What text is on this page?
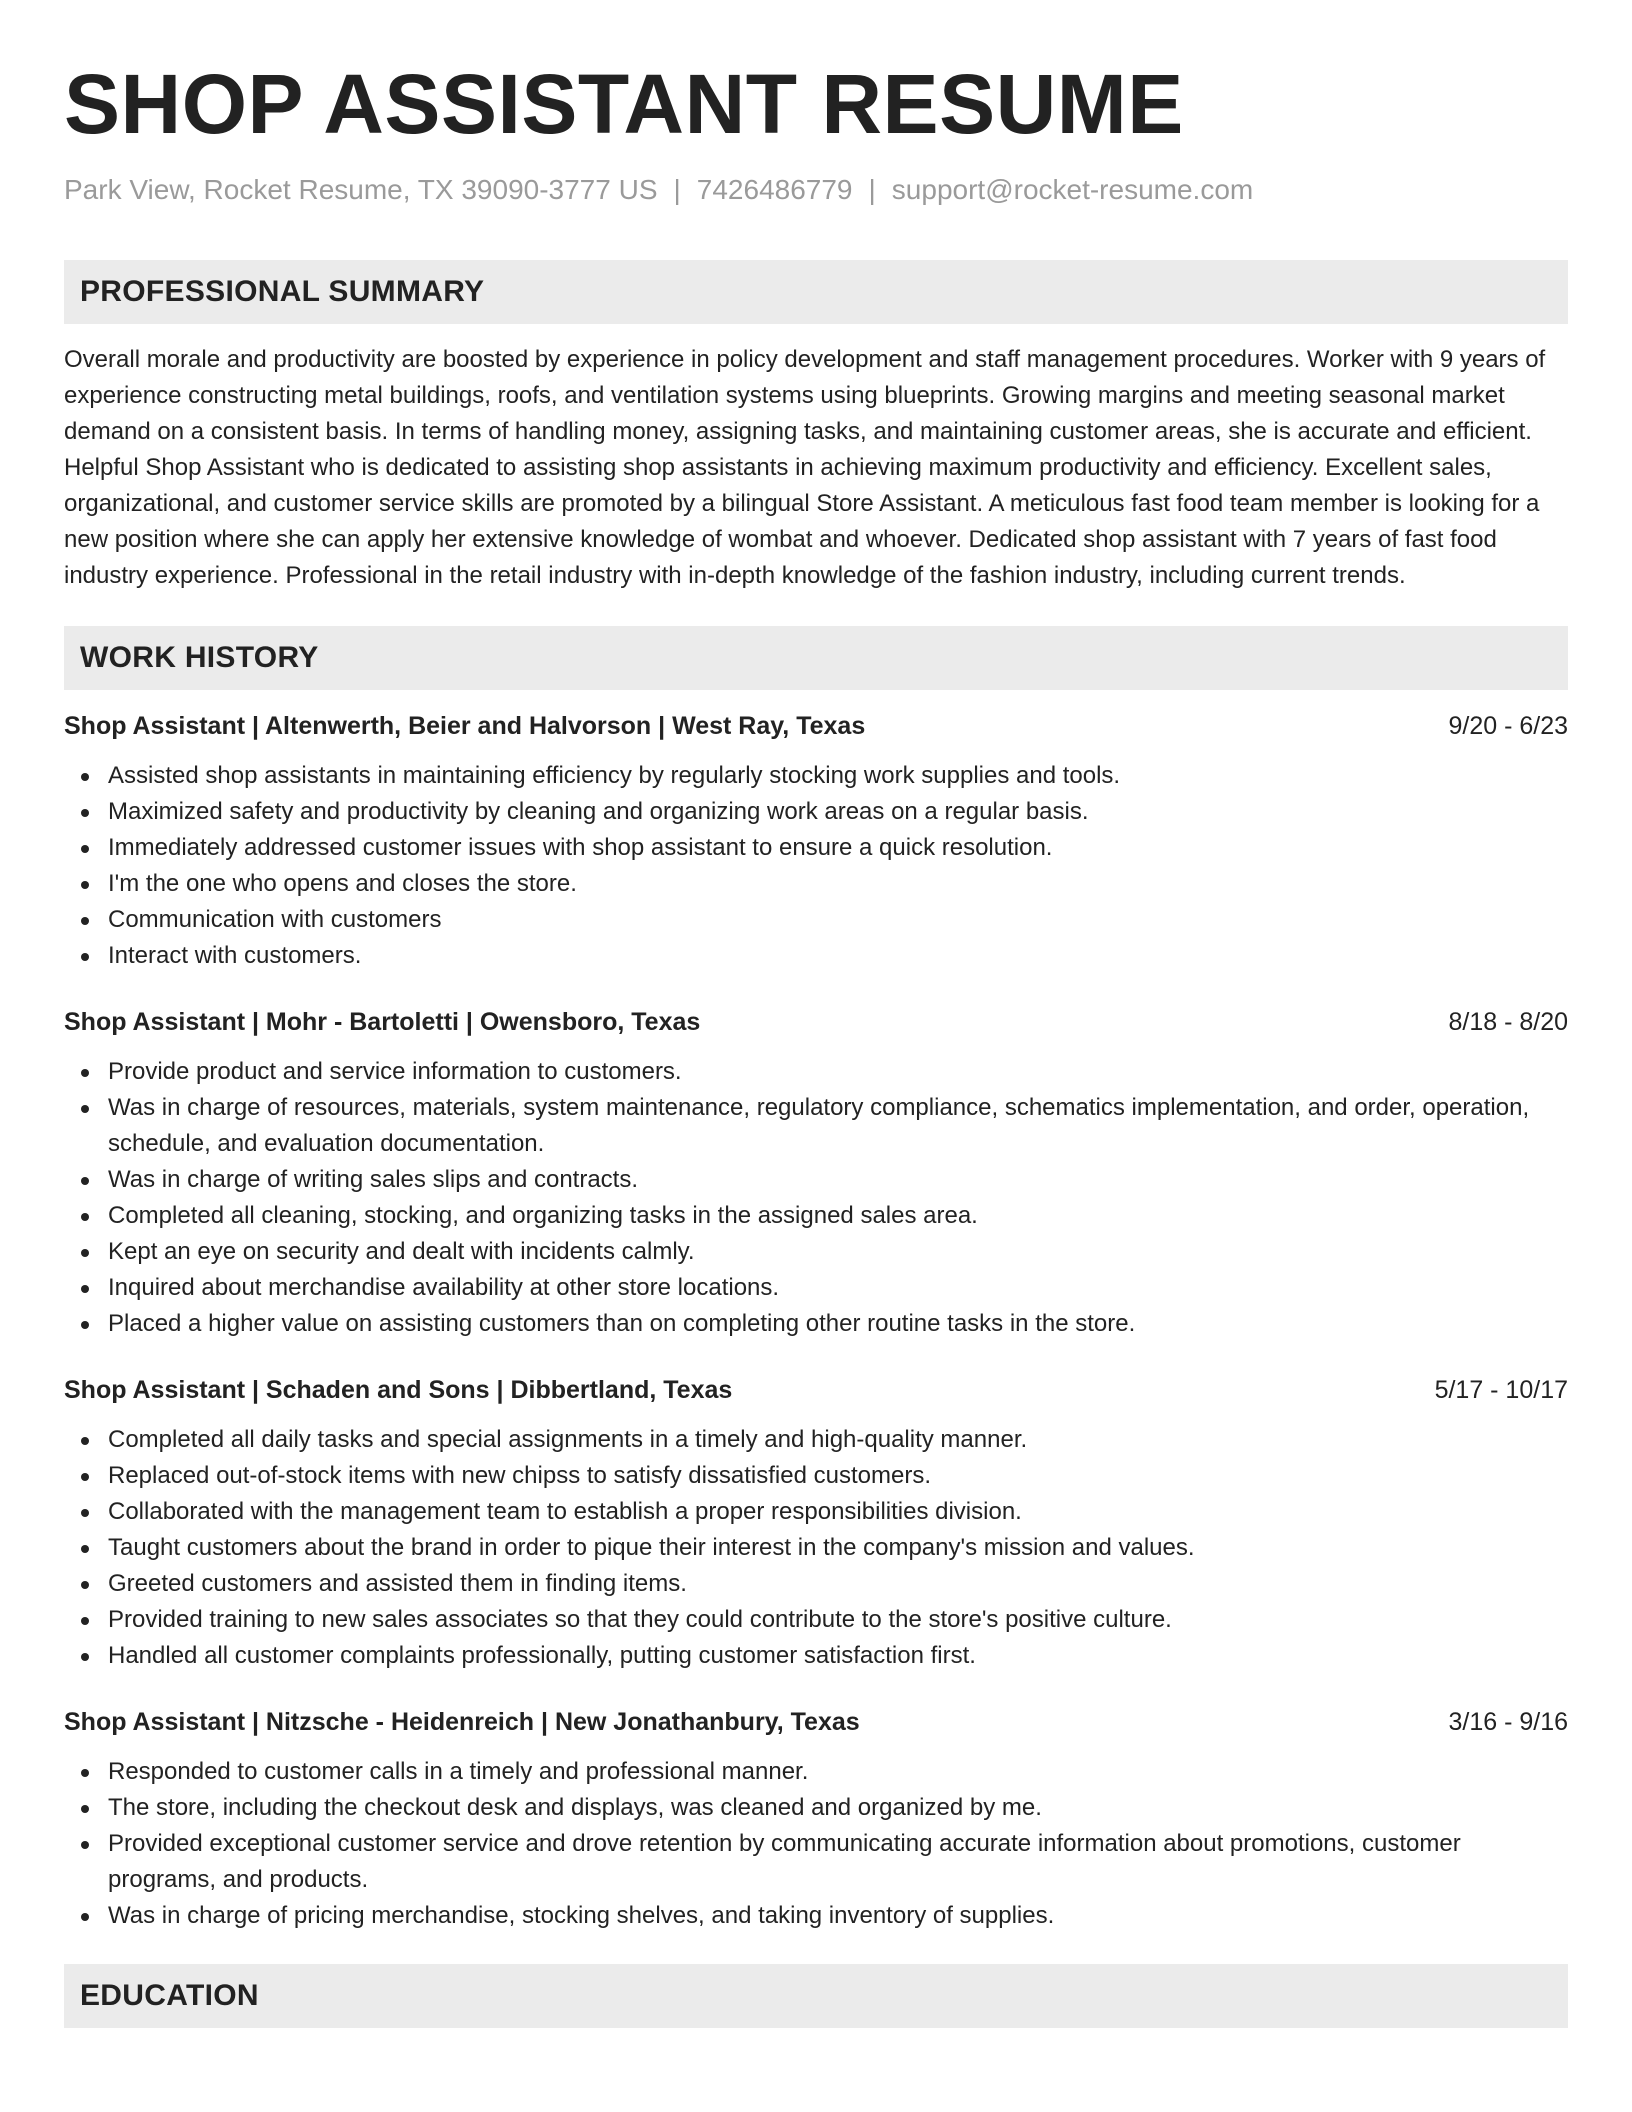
SHOP ASSISTANT RESUME
Park View, Rocket Resume, TX 39090-3777 US | 7426486779 | support@rocket-resume.com
PROFESSIONAL SUMMARY

Overall morale and productivity are boosted by experience in policy development and staff management procedures. Worker with 9 years of experience constructing metal buildings, roofs, and ventilation systems using blueprints. Growing margins and meeting seasonal market demand on a consistent basis. In terms of handling money, assigning tasks, and maintaining customer areas, she is accurate and efficient. Helpful Shop Assistant who is dedicated to assisting shop assistants in achieving maximum productivity and efficiency. Excellent sales, organizational, and customer service skills are promoted by a bilingual Store Assistant. A meticulous fast food team member is looking for a new position where she can apply her extensive knowledge of wombat and whoever. Dedicated shop assistant with 7 years of fast food industry experience. Professional in the retail industry with in-depth knowledge of the fashion industry, including current trends.

WORK HISTORY
Shop Assistant | Altenwerth, Beier and Halvorson | West Ray, Texas	9/20 - 6/23
Assisted shop assistants in maintaining efficiency by regularly stocking work supplies and tools.
Maximized safety and productivity by cleaning and organizing work areas on a regular basis.
Immediately addressed customer issues with shop assistant to ensure a quick resolution.
I'm the one who opens and closes the store.
Communication with customers
Interact with customers.
Shop Assistant | Mohr - Bartoletti | Owensboro, Texas	8/18 - 8/20
Provide product and service information to customers.
Was in charge of resources, materials, system maintenance, regulatory compliance, schematics implementation, and order, operation, schedule, and evaluation documentation.
Was in charge of writing sales slips and contracts.
Completed all cleaning, stocking, and organizing tasks in the assigned sales area.
Kept an eye on security and dealt with incidents calmly.
Inquired about merchandise availability at other store locations.
Placed a higher value on assisting customers than on completing other routine tasks in the store.
Shop Assistant | Schaden and Sons | Dibbertland, Texas	5/17 - 10/17
Completed all daily tasks and special assignments in a timely and high-quality manner.
Replaced out-of-stock items with new chipss to satisfy dissatisfied customers.
Collaborated with the management team to establish a proper responsibilities division.
Taught customers about the brand in order to pique their interest in the company's mission and values.
Greeted customers and assisted them in finding items.
Provided training to new sales associates so that they could contribute to the store's positive culture.
Handled all customer complaints professionally, putting customer satisfaction first.
Shop Assistant | Nitzsche - Heidenreich | New Jonathanbury, Texas	3/16 - 9/16
Responded to customer calls in a timely and professional manner.
The store, including the checkout desk and displays, was cleaned and organized by me.
Provided exceptional customer service and drove retention by communicating accurate information about promotions, customer programs, and products.
Was in charge of pricing merchandise, stocking shelves, and taking inventory of supplies.
EDUCATION
